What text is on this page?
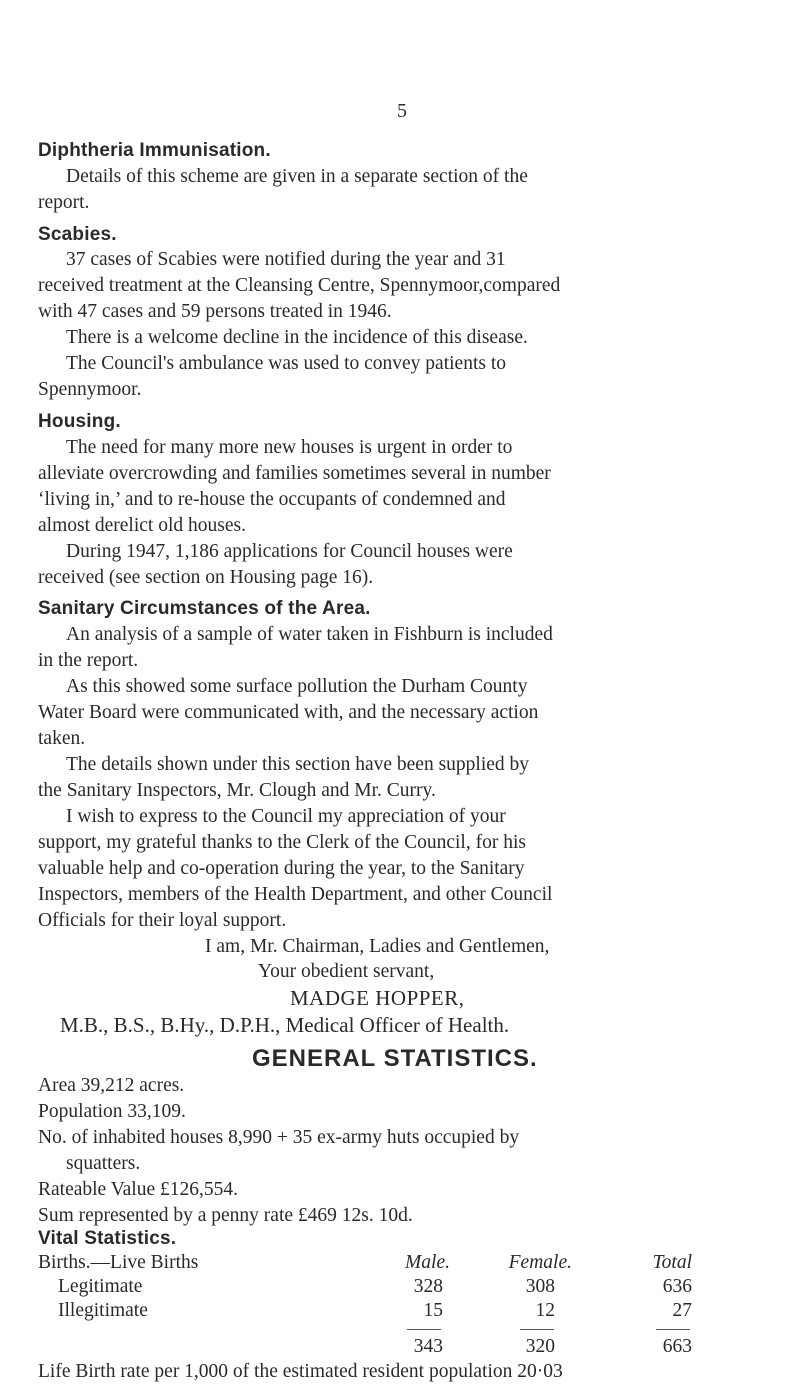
5
Diphtheria Immunisation.
Details of this scheme are given in a separate section of the
report.
Scabies.
37 cases of Scabies were notified during the year and 31
received treatment at the Cleansing Centre, Spennymoor,compared
with 47 cases and 59 persons treated in 1946.
There is a welcome decline in the incidence of this disease.
The Council's ambulance was used to convey patients to
Spennymoor.
Housing.
The need for many more new houses is urgent in order to
alleviate overcrowding and families sometimes several in number
‘living in,’ and to re-house the occupants of condemned and
almost derelict old houses.
During 1947, 1,186 applications for Council houses were
received (see section on Housing page 16).
Sanitary Circumstances of the Area.
An analysis of a sample of water taken in Fishburn is included
in the report.
As this showed some surface pollution the Durham County
Water Board were communicated with, and the necessary action
taken.
The details shown under this section have been supplied by
the Sanitary Inspectors, Mr. Clough and Mr. Curry.
I wish to express to the Council my appreciation of your
support, my grateful thanks to the Clerk of the Council, for his
valuable help and co-operation during the year, to the Sanitary
Inspectors, members of the Health Department, and other Council
Officials for their loyal support.
I am, Mr. Chairman, Ladies and Gentlemen,
Your obedient servant,
MADGE HOPPER,
M.B., B.S., B.Hy., D.P.H., Medical Officer of Health.
GENERAL STATISTICS.
Area 39,212 acres.
Population 33,109.
No. of inhabited houses 8,990 + 35 ex-army huts occupied by
squatters.
Rateable Value £126,554.
Sum represented by a penny rate £469 12s. 10d.
Vital Statistics.
Births.—Live Births	Male.	Female.	Total
Legitimate	328	308	636
Illegitimate	15	12	27
343	320	663
Life Birth rate per 1,000 of the estimated resident population 20·03
